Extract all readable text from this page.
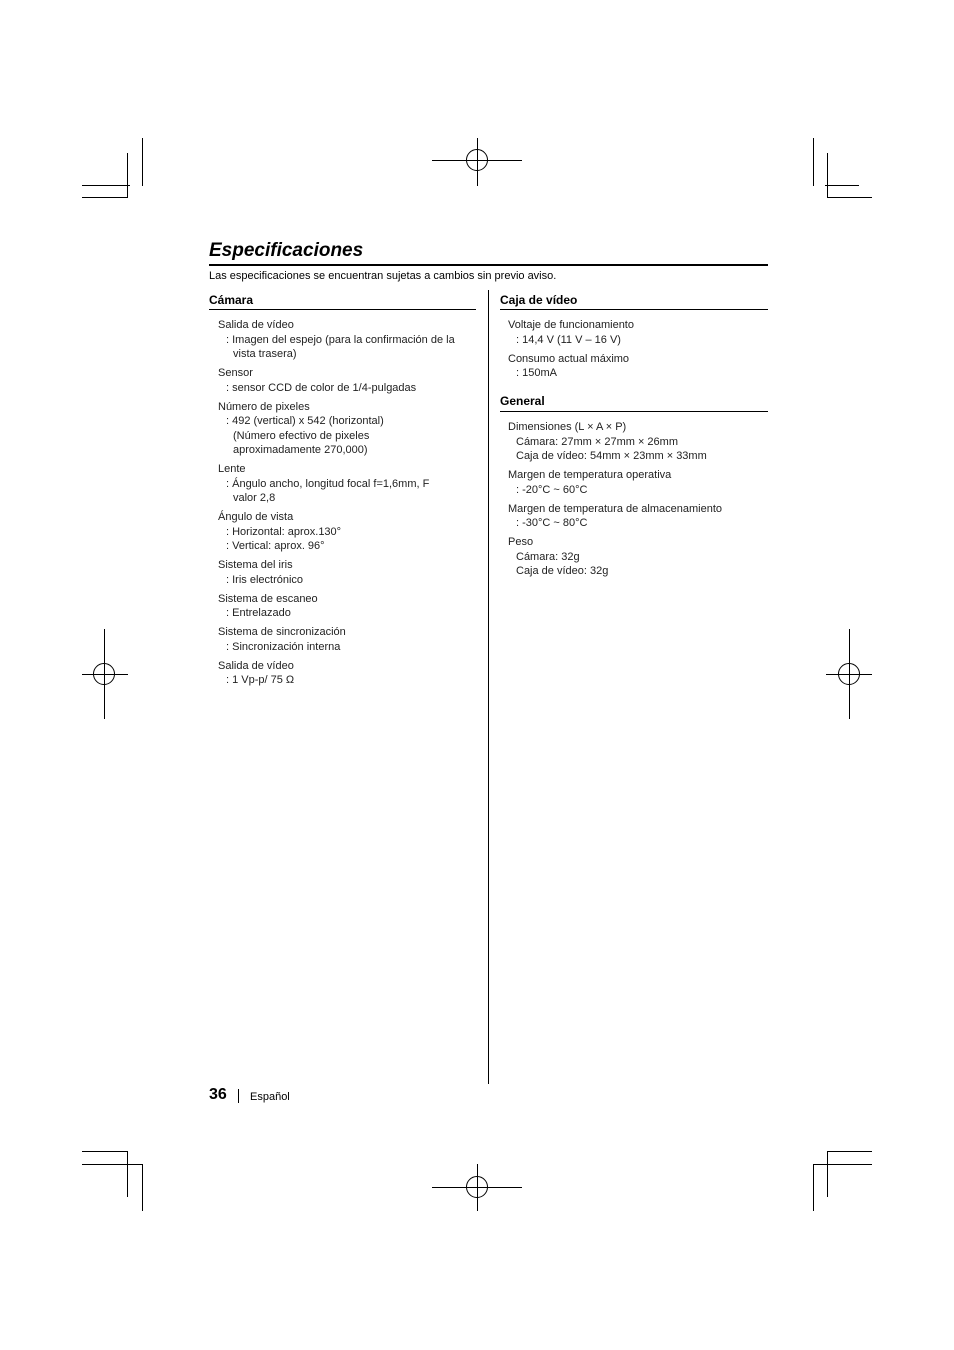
Especificaciones
Las especificaciones se encuentran sujetas a cambios sin previo aviso.
Cámara
Salida de vídeo
: Imagen del espejo (para la confirmación de la
vista trasera)
Sensor
: sensor CCD de color de 1/4-pulgadas
Número de pixeles
: 492 (vertical) x 542 (horizontal)
(Número efectivo de pixeles
aproximadamente 270,000)
Lente
: Ángulo ancho, longitud focal f=1,6mm, F
valor 2,8
Ángulo de vista
: Horizontal: aprox.130°
: Vertical: aprox. 96°
Sistema del iris
: Iris electrónico
Sistema de escaneo
: Entrelazado
Sistema de sincronización
: Sincronización interna
Salida de vídeo
: 1 Vp-p/ 75 Ω
Caja de vídeo
Voltaje de funcionamiento
: 14,4 V (11 V – 16 V)
Consumo actual máximo
: 150mA
General
Dimensiones (L × A × P)
Cámara: 27mm × 27mm × 26mm
Caja de vídeo: 54mm × 23mm × 33mm
Margen de temperatura operativa
: -20°C ~ 60°C
Margen de temperatura de almacenamiento
: -30°C ~ 80°C
Peso
Cámara: 32g
Caja de vídeo: 32g
36 Español
